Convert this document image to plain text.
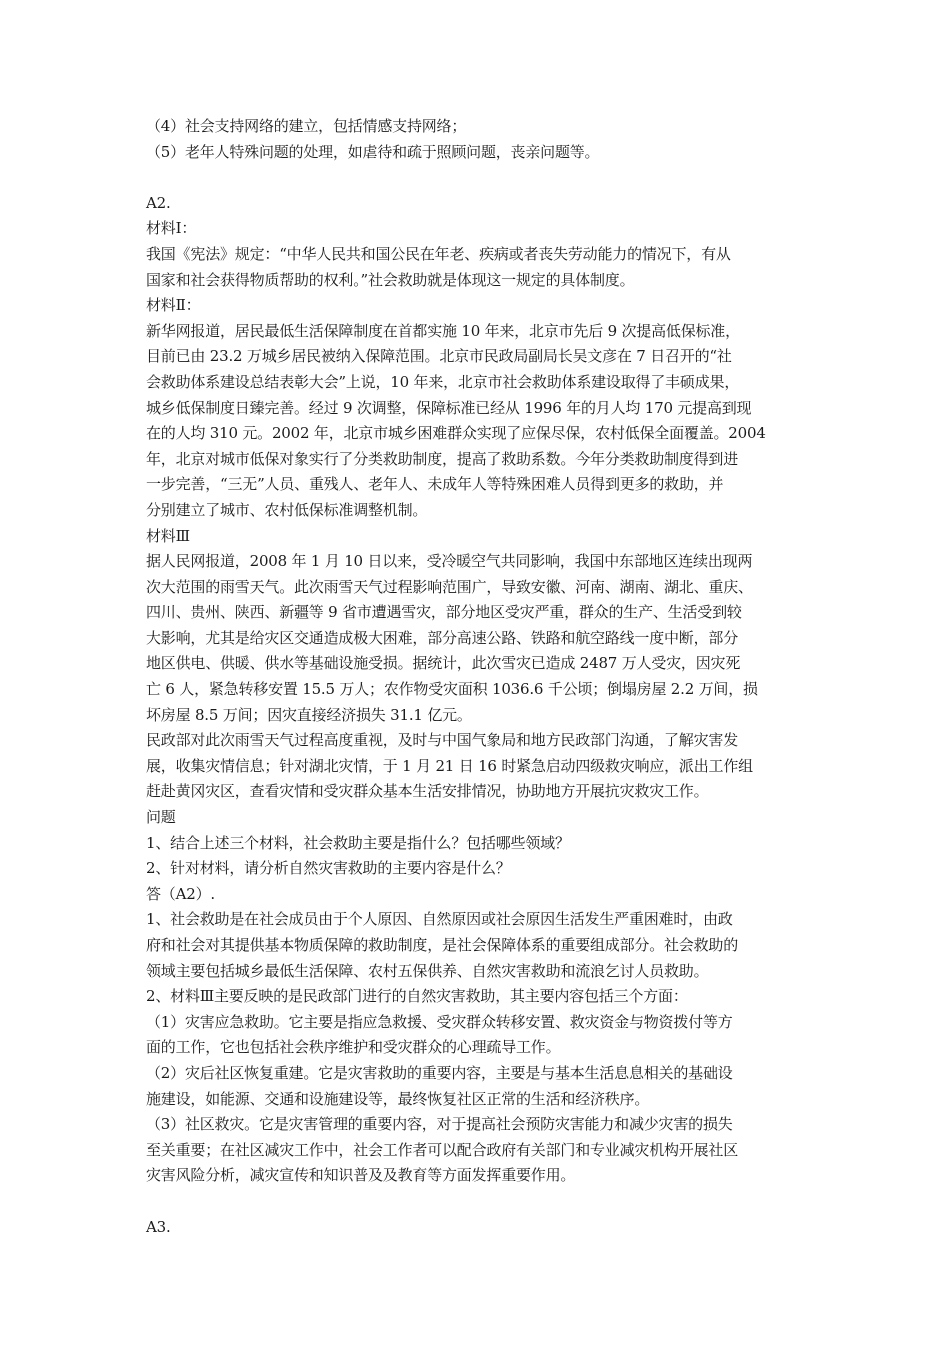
（4）社会支持网络的建立，包括情感支持网络；
（5）老年人特殊问题的处理，如虐待和疏于照顾问题，丧亲问题等。
A2.
材料Ⅰ：
我国《宪法》规定：“中华人民共和国公民在年老、疾病或者丧失劳动能力的情况下，有从
国家和社会获得物质帮助的权利。”社会救助就是体现这一规定的具体制度。
材料Ⅱ：
新华网报道，居民最低生活保障制度在首都实施 10 年来，北京市先后 9 次提高低保标准，
目前已由 23.2 万城乡居民被纳入保障范围。北京市民政局副局长吴文彦在 7 日召开的“社
会救助体系建设总结表彰大会”上说，10 年来，北京市社会救助体系建设取得了丰硕成果，
城乡低保制度日臻完善。经过 9 次调整，保障标准已经从 1996 年的月人均 170 元提高到现
在的人均 310 元。2002 年，北京市城乡困难群众实现了应保尽保，农村低保全面覆盖。2004
年，北京对城市低保对象实行了分类救助制度，提高了救助系数。今年分类救助制度得到进
一步完善，“三无”人员、重残人、老年人、未成年人等特殊困难人员得到更多的救助，并
分别建立了城市、农村低保标准调整机制。
材料Ⅲ
据人民网报道，2008 年 1 月 10 日以来，受冷暖空气共同影响，我国中东部地区连续出现两
次大范围的雨雪天气。此次雨雪天气过程影响范围广，导致安徽、河南、湖南、湖北、重庆、
四川、贵州、陕西、新疆等 9 省市遭遇雪灾，部分地区受灾严重，群众的生产、生活受到较
大影响，尤其是给灾区交通造成极大困难，部分高速公路、铁路和航空路线一度中断，部分
地区供电、供暖、供水等基础设施受损。据统计，此次雪灾已造成 2487 万人受灾，因灾死
亡 6 人，紧急转移安置 15.5 万人；农作物受灾面积 1036.6 千公顷；倒塌房屋 2.2 万间，损
坏房屋 8.5 万间；因灾直接经济损失 31.1 亿元。
民政部对此次雨雪天气过程高度重视，及时与中国气象局和地方民政部门沟通，了解灾害发
展，收集灾情信息；针对湖北灾情，于 1 月 21 日 16 时紧急启动四级救灾响应，派出工作组
赶赴黄冈灾区，查看灾情和受灾群众基本生活安排情况，协助地方开展抗灾救灾工作。
问题
1、结合上述三个材料，社会救助主要是指什么？包括哪些领域？
2、针对材料，请分析自然灾害救助的主要内容是什么？
答（A2）.
1、社会救助是在社会成员由于个人原因、自然原因或社会原因生活发生严重困难时，由政
府和社会对其提供基本物质保障的救助制度，是社会保障体系的重要组成部分。社会救助的
领域主要包括城乡最低生活保障、农村五保供养、自然灾害救助和流浪乞讨人员救助。
2、材料Ⅲ主要反映的是民政部门进行的自然灾害救助，其主要内容包括三个方面：
（1）灾害应急救助。它主要是指应急救援、受灾群众转移安置、救灾资金与物资拨付等方
面的工作，它也包括社会秩序维护和受灾群众的心理疏导工作。
（2）灾后社区恢复重建。它是灾害救助的重要内容，主要是与基本生活息息相关的基础设
施建设，如能源、交通和设施建设等，最终恢复社区正常的生活和经济秩序。
（3）社区救灾。它是灾害管理的重要内容，对于提高社会预防灾害能力和减少灾害的损失
至关重要；在社区减灾工作中，社会工作者可以配合政府有关部门和专业减灾机构开展社区
灾害风险分析，减灾宣传和知识普及及教育等方面发挥重要作用。
A3.
